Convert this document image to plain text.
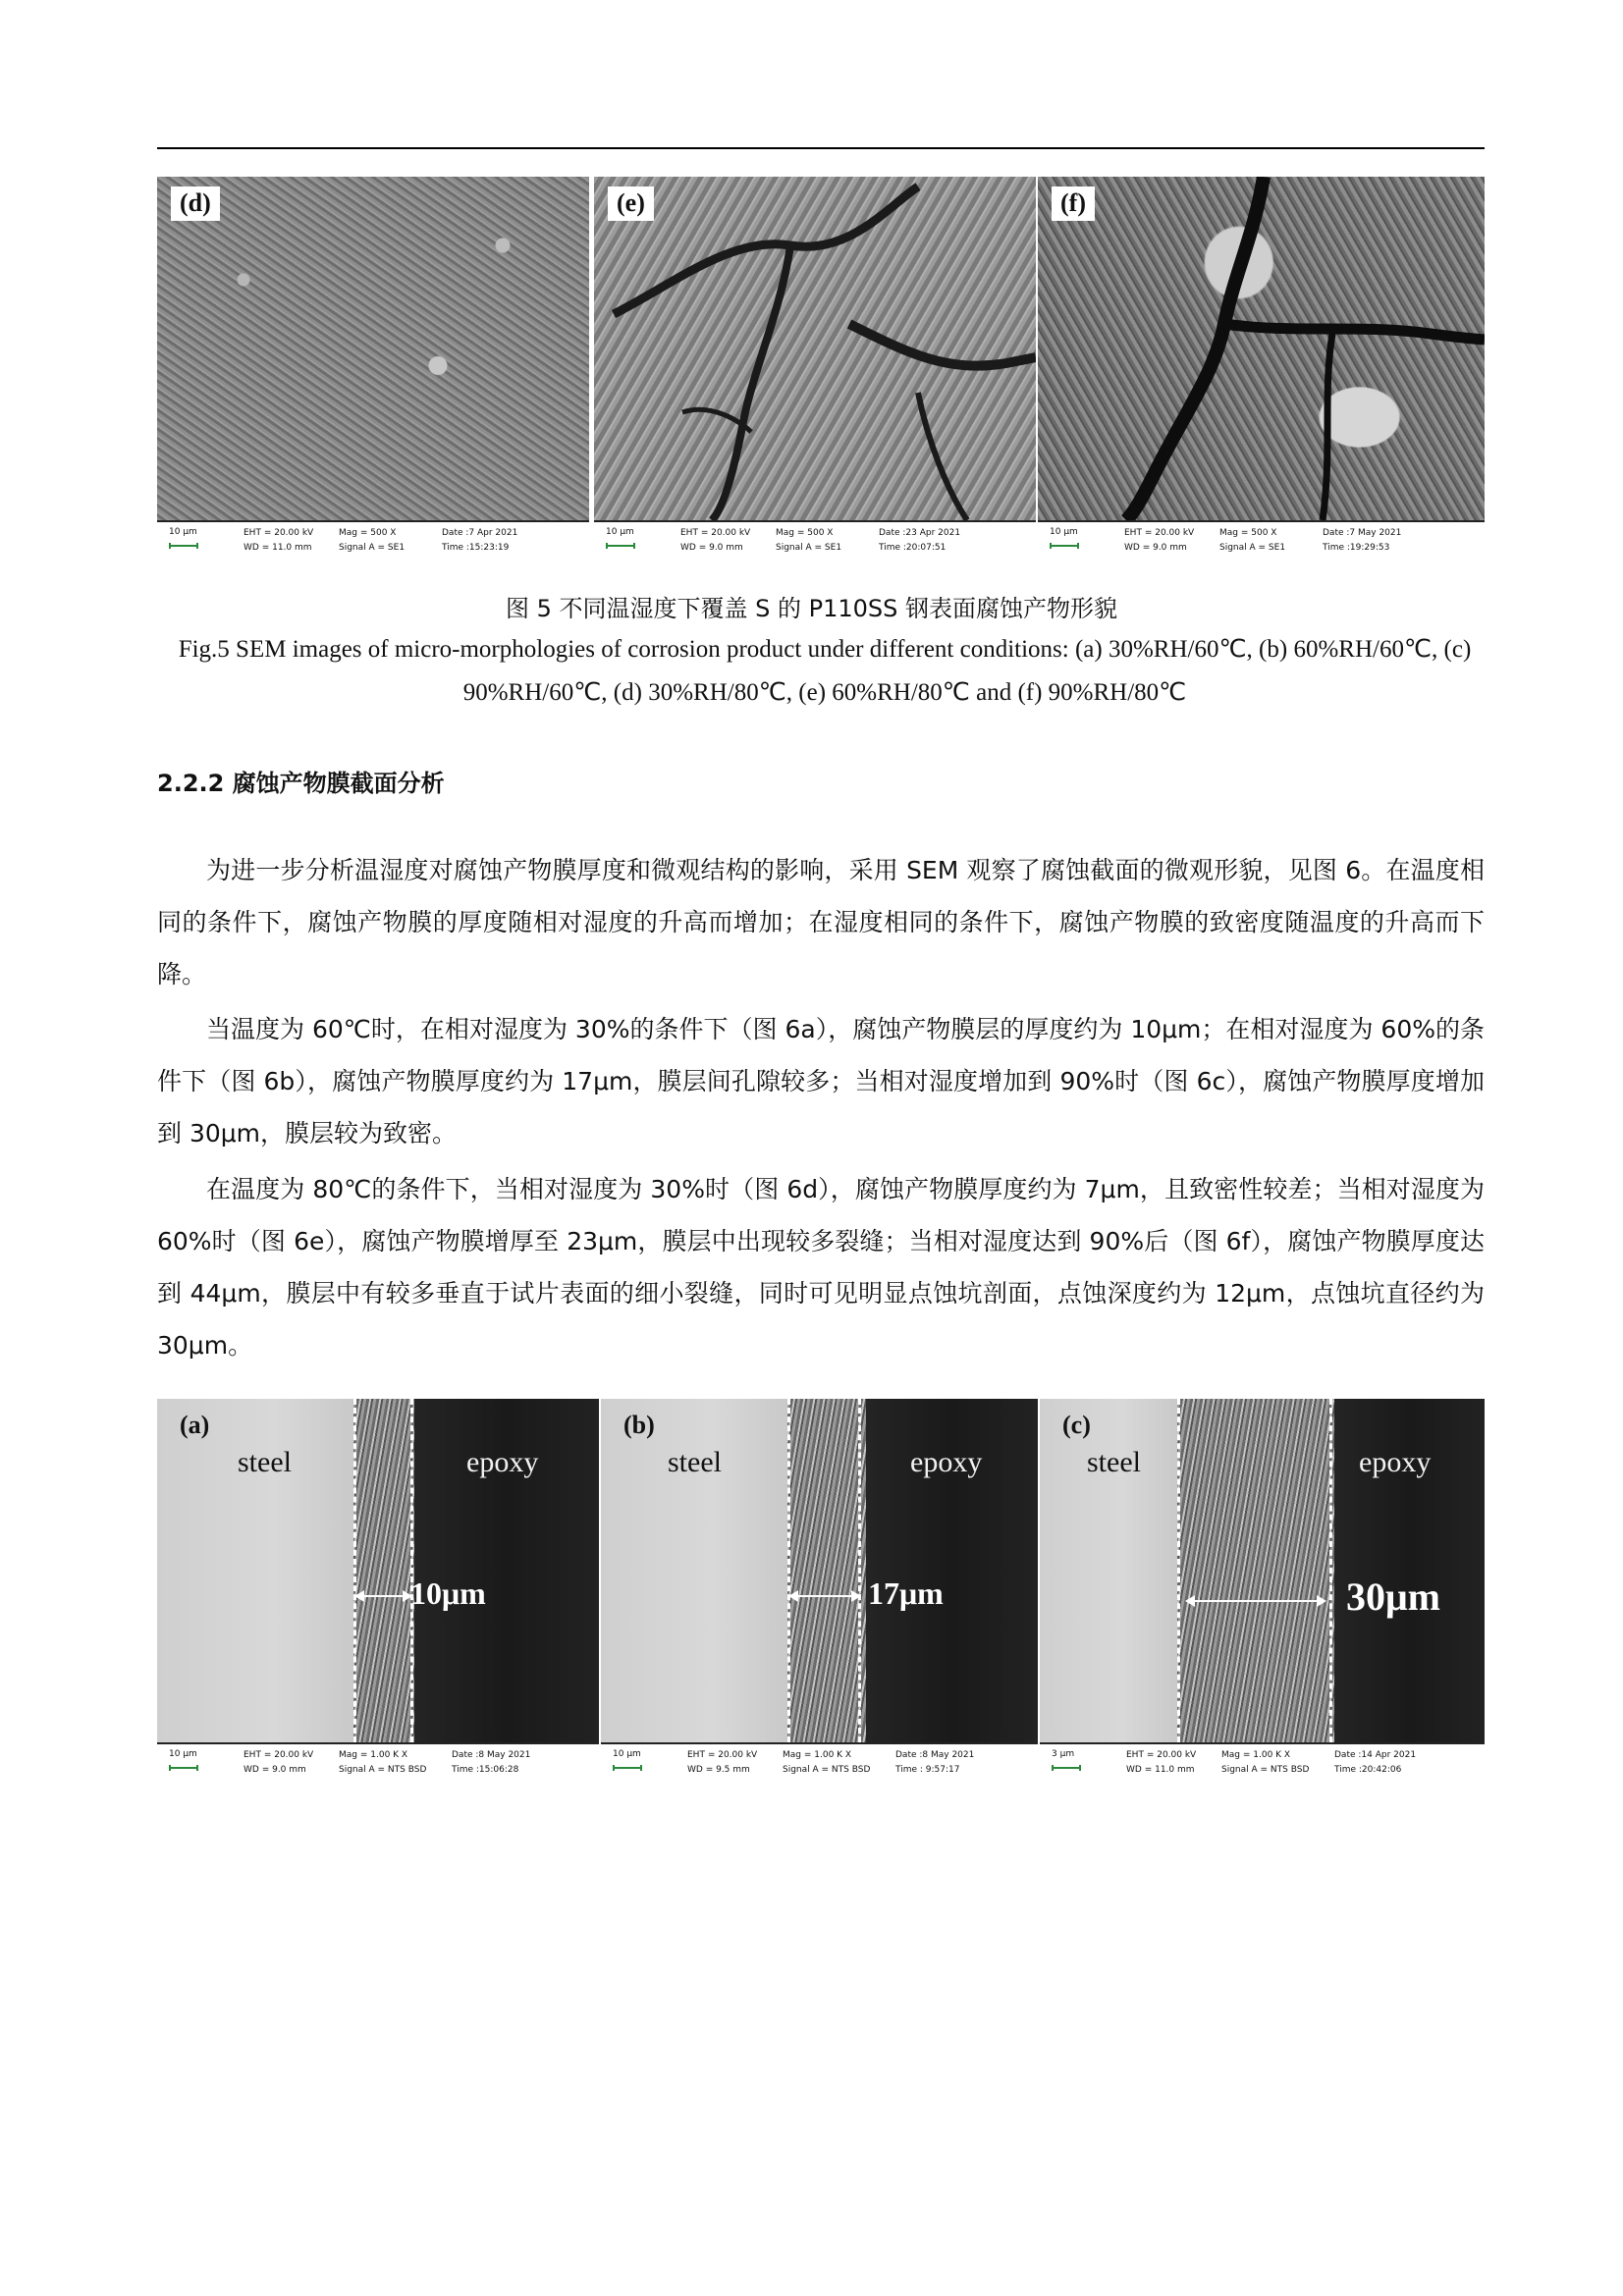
(d)
10 μm	EHT = 20.00 kV
WD = 11.0 mm
Mag = 500 X
Signal A = SE1
Date :7 Apr 2021
Time :15:23:19
(e)
10 μm	EHT = 20.00 kV
WD = 9.0 mm
Mag = 500 X
Signal A = SE1
Date :23 Apr 2021
Time :20:07:51
(f)
10 μm	EHT = 20.00 kV
WD = 9.0 mm
Mag = 500 X
Signal A = SE1
Date :7 May 2021
Time :19:29:53
图 5 不同温湿度下覆盖 S 的 P110SS 钢表面腐蚀产物形貌
Fig.5 SEM images of micro-morphologies of corrosion product under different conditions: (a) 30%RH/60℃, (b) 60%RH/60℃, (c) 90%RH/60℃, (d) 30%RH/80℃, (e) 60%RH/80℃ and (f) 90%RH/80℃
2.2.2 腐蚀产物膜截面分析
为进一步分析温湿度对腐蚀产物膜厚度和微观结构的影响，采用 SEM 观察了腐蚀截面的微观形貌，见图 6。在温度相同的条件下，腐蚀产物膜的厚度随相对湿度的升高而增加；在湿度相同的条件下，腐蚀产物膜的致密度随温度的升高而下降。
当温度为 60℃时，在相对湿度为 30%的条件下（图 6a），腐蚀产物膜层的厚度约为 10μm；在相对湿度为 60%的条件下（图 6b），腐蚀产物膜厚度约为 17μm，膜层间孔隙较多；当相对湿度增加到 90%时（图 6c），腐蚀产物膜厚度增加到 30μm，膜层较为致密。
在温度为 80℃的条件下，当相对湿度为 30%时（图 6d），腐蚀产物膜厚度约为 7μm，且致密性较差；当相对湿度为 60%时（图 6e），腐蚀产物膜增厚至 23μm，膜层中出现较多裂缝；当相对湿度达到 90%后（图 6f），腐蚀产物膜厚度达到 44μm，膜层中有较多垂直于试片表面的细小裂缝，同时可见明显点蚀坑剖面，点蚀深度约为 12μm，点蚀坑直径约为 30μm。
(a)
steel	epoxy
10μm
10 μm	EHT = 20.00 kV
WD = 9.0 mm
Mag = 1.00 K X
Signal A = NTS BSD
Date :8 May 2021
Time :15:06:28
(b)
steel	epoxy
17μm
10 μm	EHT = 20.00 kV
WD = 9.5 mm
Mag = 1.00 K X
Signal A = NTS BSD
Date :8 May 2021
Time : 9:57:17
(c)
steel	epoxy
30μm
3 μm	EHT = 20.00 kV
WD = 11.0 mm
Mag = 1.00 K X
Signal A = NTS BSD
Date :14 Apr 2021
Time :20:42:06
